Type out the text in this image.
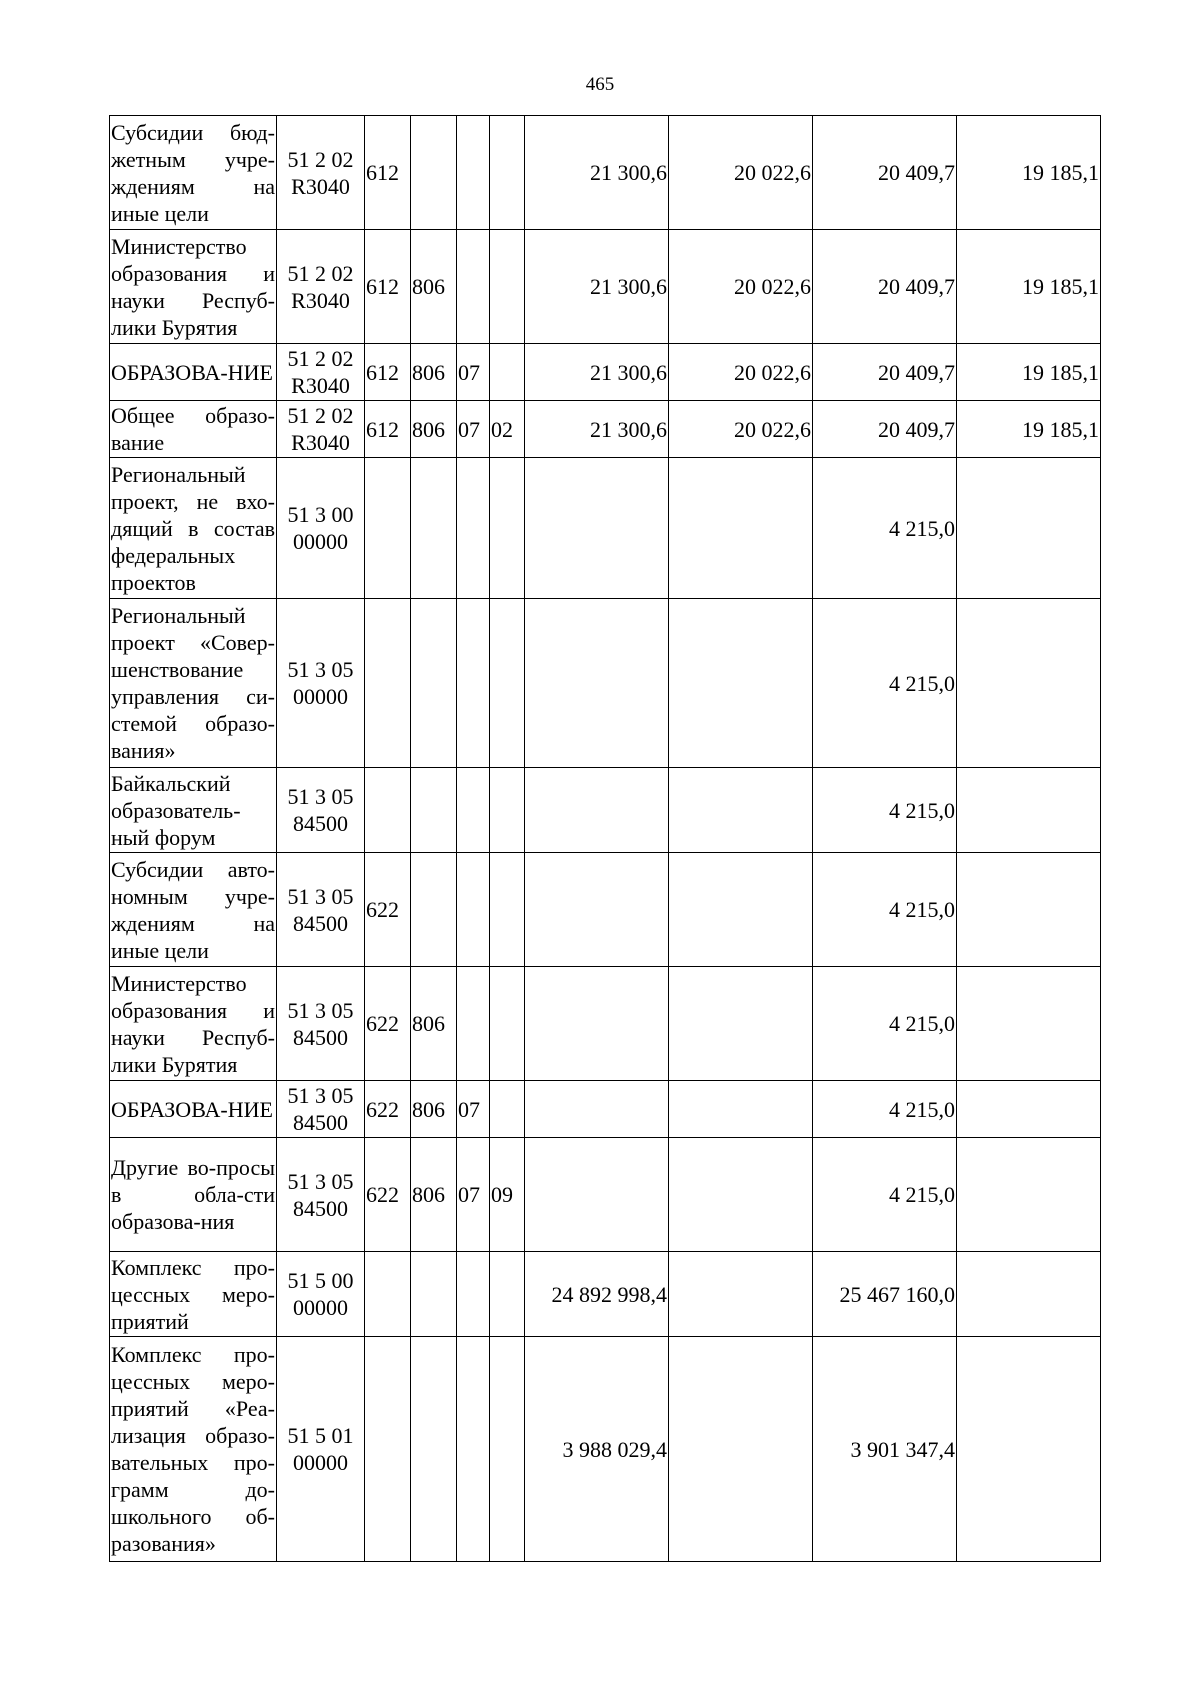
465
Субсидии бюд-жетным учре-ждениям на иные цели	51 2 02 R3040	612				21 300,6	20 022,6	20 409,7	19 185,1
Министерство образования и науки Респуб-лики Бурятия	51 2 02 R3040	612	806			21 300,6	20 022,6	20 409,7	19 185,1
ОБРАЗОВА-НИЕ	51 2 02 R3040	612	806	07		21 300,6	20 022,6	20 409,7	19 185,1
Общее образо-вание	51 2 02 R3040	612	806	07	02	21 300,6	20 022,6	20 409,7	19 185,1
Региональный проект, не вхо-дящий в состав федеральных проектов	51 3 00 00000							4 215,0	
Региональный проект «Совер-шенствование управления си-стемой образо-вания»	51 3 05 00000							4 215,0	
Байкальский образователь-ный форум	51 3 05 84500							4 215,0	
Субсидии авто-номным учре-ждениям на иные цели	51 3 05 84500	622						4 215,0	
Министерство образования и науки Респуб-лики Бурятия	51 3 05 84500	622	806					4 215,0	
ОБРАЗОВА-НИЕ	51 3 05 84500	622	806	07				4 215,0	
Другие во-просы в обла-сти образова-ния	51 3 05 84500	622	806	07	09			4 215,0	
Комплекс про-цессных меро-приятий	51 5 00 00000					24 892 998,4		25 467 160,0	
Комплекс про-цессных меро-приятий «Реа-лизация образо-вательных про-грамм до-школьного об-разования»	51 5 01 00000					3 988 029,4		3 901 347,4	
